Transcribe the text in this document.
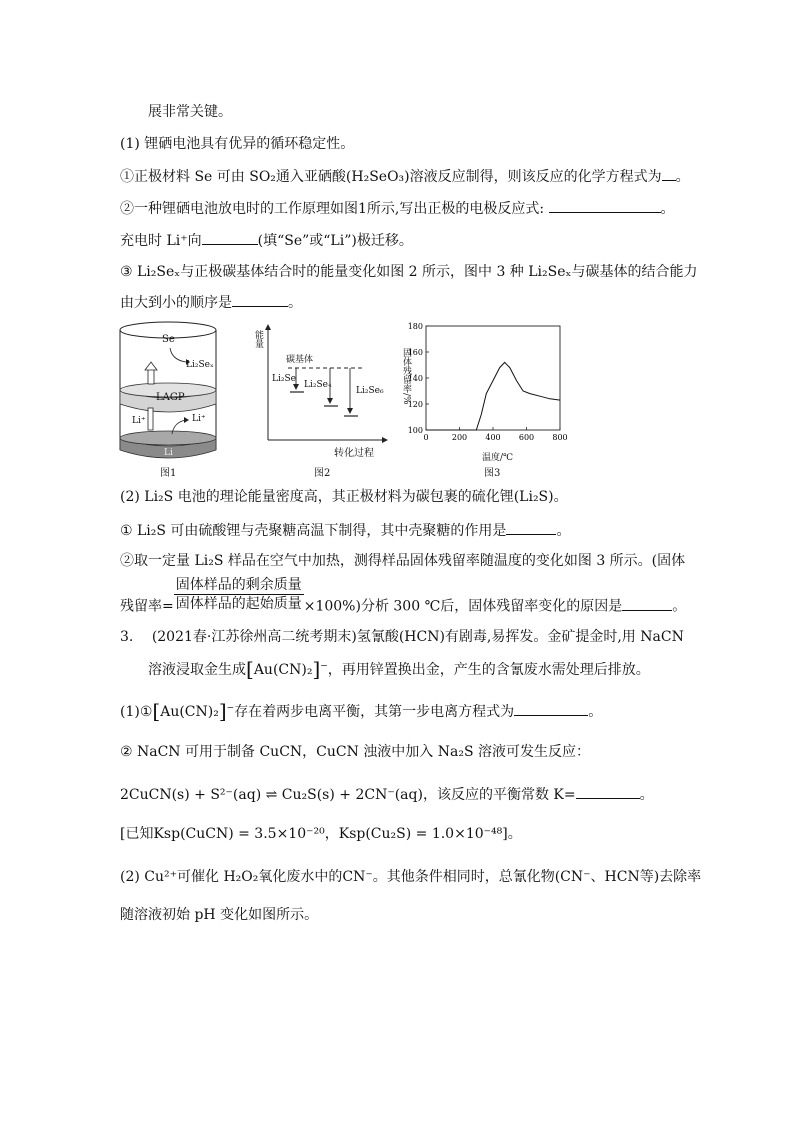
展非常关键。
(1) 锂硒电池具有优异的循环稳定性。
①正极材料 Se 可由 SO₂通入亚硒酸(H₂SeO₃)溶液反应制得，则该反应的化学方程式为 。
②一种锂硒电池放电时的工作原理如图1所示,写出正极的电极反应式:	。
充电时 Li⁺向	(填“Se”或“Li”)极迁移。
③ Li₂Seₓ与正极碳基体结合时的能量变化如图 2 所示，图中 3 种 Li₂Seₓ与碳基体的结合能力
由大到小的顺序是	。
Se
Li₂Seₓ
LAGP
Li⁺	Li⁺
Li
图1
能量
碳基体
Li₂Se
Li₂Se₄
Li₂Se₆
转化过程
图2
100
120
140
160
180
0	200 400 600 800
固体残留率/%
温度/℃
图3
(2) Li₂S 电池的理论能量密度高，其正极材料为碳包裹的硫化锂(Li₂S)。
① Li₂S 可由硫酸锂与壳聚糖高温下制得，其中壳聚糖的作用是	。
②取一定量 Li₂S 样品在空气中加热，测得样品固体残留率随温度的变化如图 3 所示。(固体
残留率= $\frac{\text{固体样品的剩余质量}}{\text{固体样品的起始质量}} \times 100\%$)分析 300 ℃后，固体残留率变化的原因是	。
3. (2021春·江苏徐州高二统考期末)氢氰酸(HCN)有剧毒,易挥发。金矿提金时,用 NaCN
溶液浸取金生成[Au(CN)₂]−，再用锌置换出金，产生的含氰废水需处理后排放。
(1)①[Au(CN)₂]−存在着两步电离平衡，其第一步电离方程式为	。
② NaCN 可用于制备 CuCN，CuCN 浊液中加入 Na₂S 溶液可发生反应：
2CuCN(s) + S²⁻(aq) ⇌ Cu₂S(s) + 2CN⁻(aq)，该反应的平衡常数 K=	。
[已知Ksp(CuCN) = 3.5×10⁻²⁰，Ksp(Cu₂S) = 1.0×10⁻⁴⁸]。
(2) Cu²⁺可催化 H₂O₂氧化废水中的CN⁻。其他条件相同时，总氰化物(CN⁻、HCN等)去除率
随溶液初始 pH 变化如图所示。
